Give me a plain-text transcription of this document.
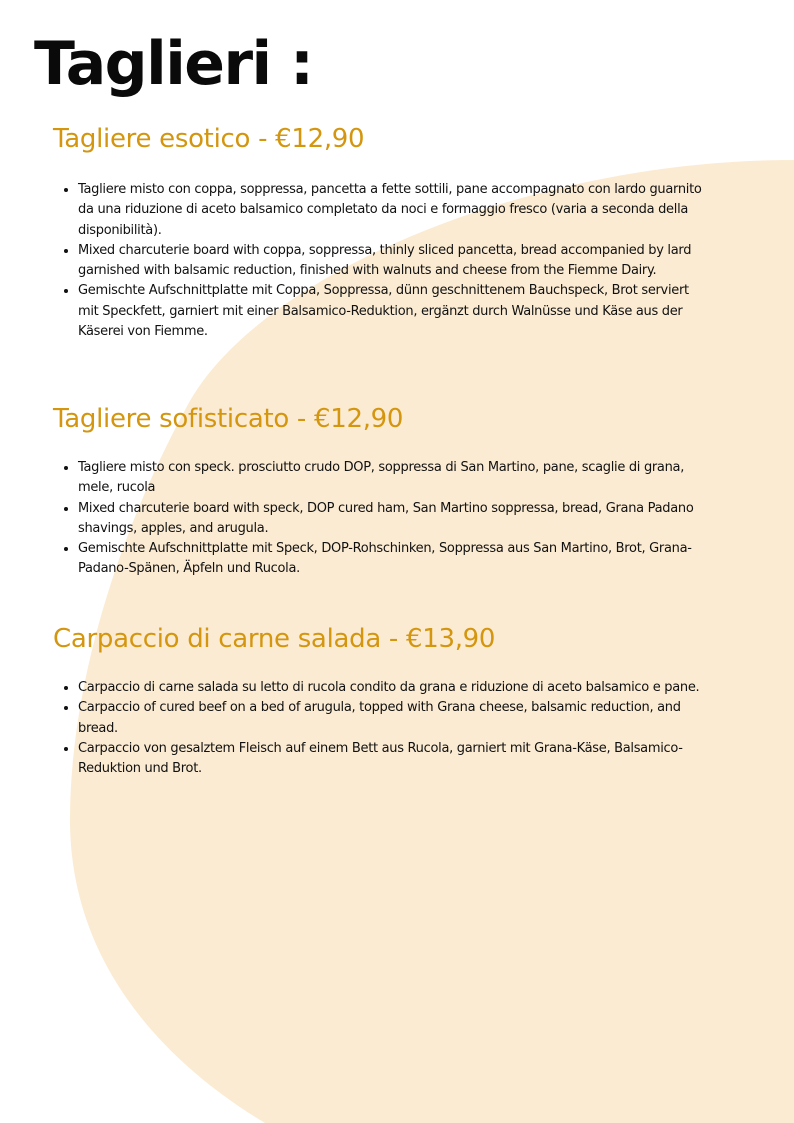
Taglieri :
Tagliere esotico - €12,90
Tagliere misto con coppa, soppressa, pancetta a fette sottili, pane accompagnato con lardo guarnito da una riduzione di aceto balsamico completato da noci e formaggio fresco (varia a seconda della disponibilità).
Mixed charcuterie board with coppa, soppressa, thinly sliced pancetta, bread accompanied by lard garnished with balsamic reduction, finished with walnuts and cheese from the Fiemme Dairy.
Gemischte Aufschnittplatte mit Coppa, Soppressa, dünn geschnittenem Bauchspeck, Brot serviert mit Speckfett, garniert mit einer Balsamico-Reduktion, ergänzt durch Walnüsse und Käse aus der Käserei von Fiemme.
Tagliere sofisticato - €12,90
Tagliere misto con speck. prosciutto crudo DOP, soppressa di San Martino, pane, scaglie di grana, mele, rucola
Mixed charcuterie board with speck, DOP cured ham, San Martino soppressa, bread, Grana Padano shavings, apples, and arugula.
Gemischte Aufschnittplatte mit Speck, DOP-Rohschinken, Soppressa aus San Martino, Brot, Grana-Padano-Spänen, Äpfeln und Rucola.
Carpaccio di carne salada - €13,90
Carpaccio di carne salada su letto di rucola condito da grana e riduzione di aceto balsamico e pane.
Carpaccio of cured beef on a bed of arugula, topped with Grana cheese, balsamic reduction, and bread.
Carpaccio von gesalztem Fleisch auf einem Bett aus Rucola, garniert mit Grana-Käse, Balsamico-Reduktion und Brot.
